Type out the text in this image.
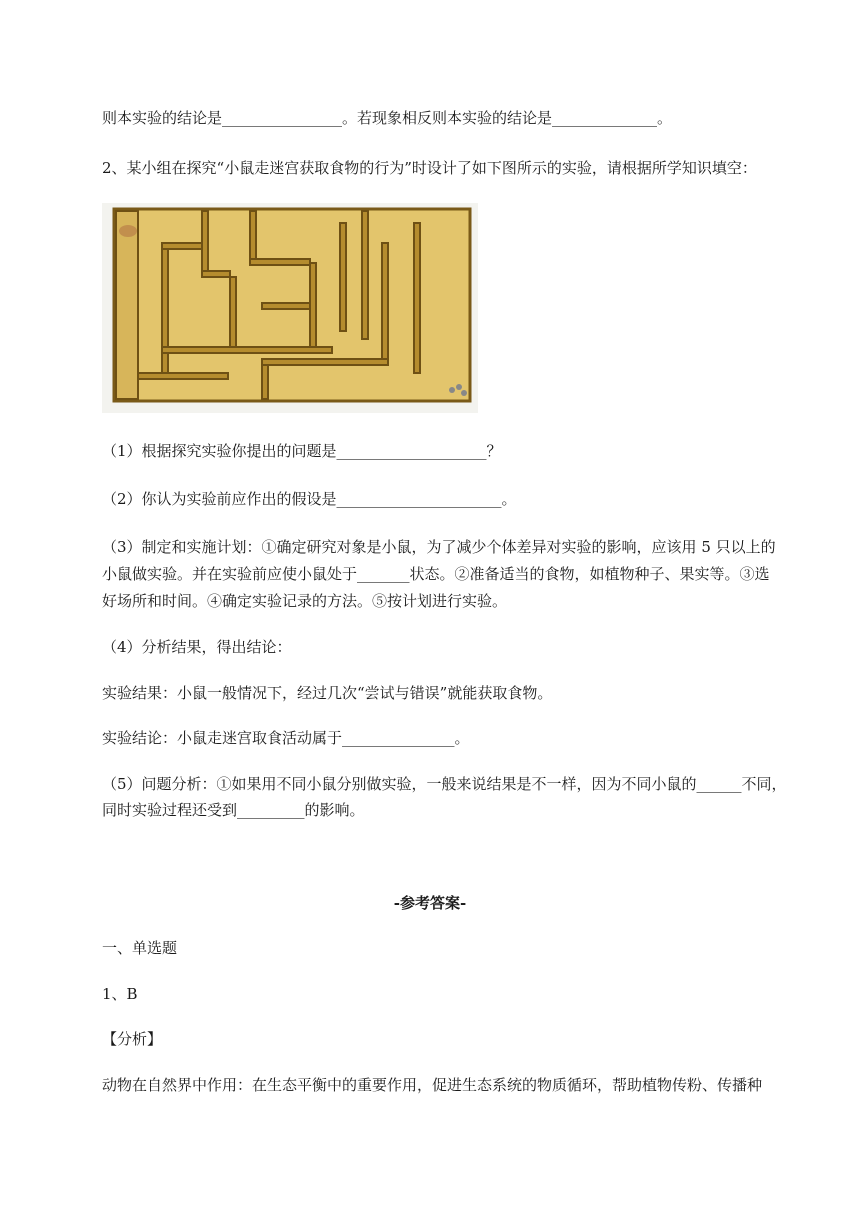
则本实验的结论是________________。若现象相反则本实验的结论是______________。
2、某小组在探究“小鼠走迷宫获取食物的行为”时设计了如下图所示的实验，请根据所学知识填空：
（1）根据探究实验你提出的问题是____________________？
（2）你认为实验前应作出的假设是______________________。
（3）制定和实施计划：①确定研究对象是小鼠，为了减少个体差异对实验的影响，应该用 5 只以上的
小鼠做实验。并在实验前应使小鼠处于_______状态。②准备适当的食物，如植物种子、果实等。③选
好场所和时间。④确定实验记录的方法。⑤按计划进行实验。
（4）分析结果，得出结论：
实验结果：小鼠一般情况下，经过几次“尝试与错误”就能获取食物。
实验结论：小鼠走迷宫取食活动属于_______________。
（5）问题分析：①如果用不同小鼠分别做实验，一般来说结果是不一样，因为不同小鼠的______不同，
同时实验过程还受到_________的影响。
-参考答案-
一、单选题
1、B
【分析】
动物在自然界中作用：在生态平衡中的重要作用，促进生态系统的物质循环，帮助植物传粉、传播种
